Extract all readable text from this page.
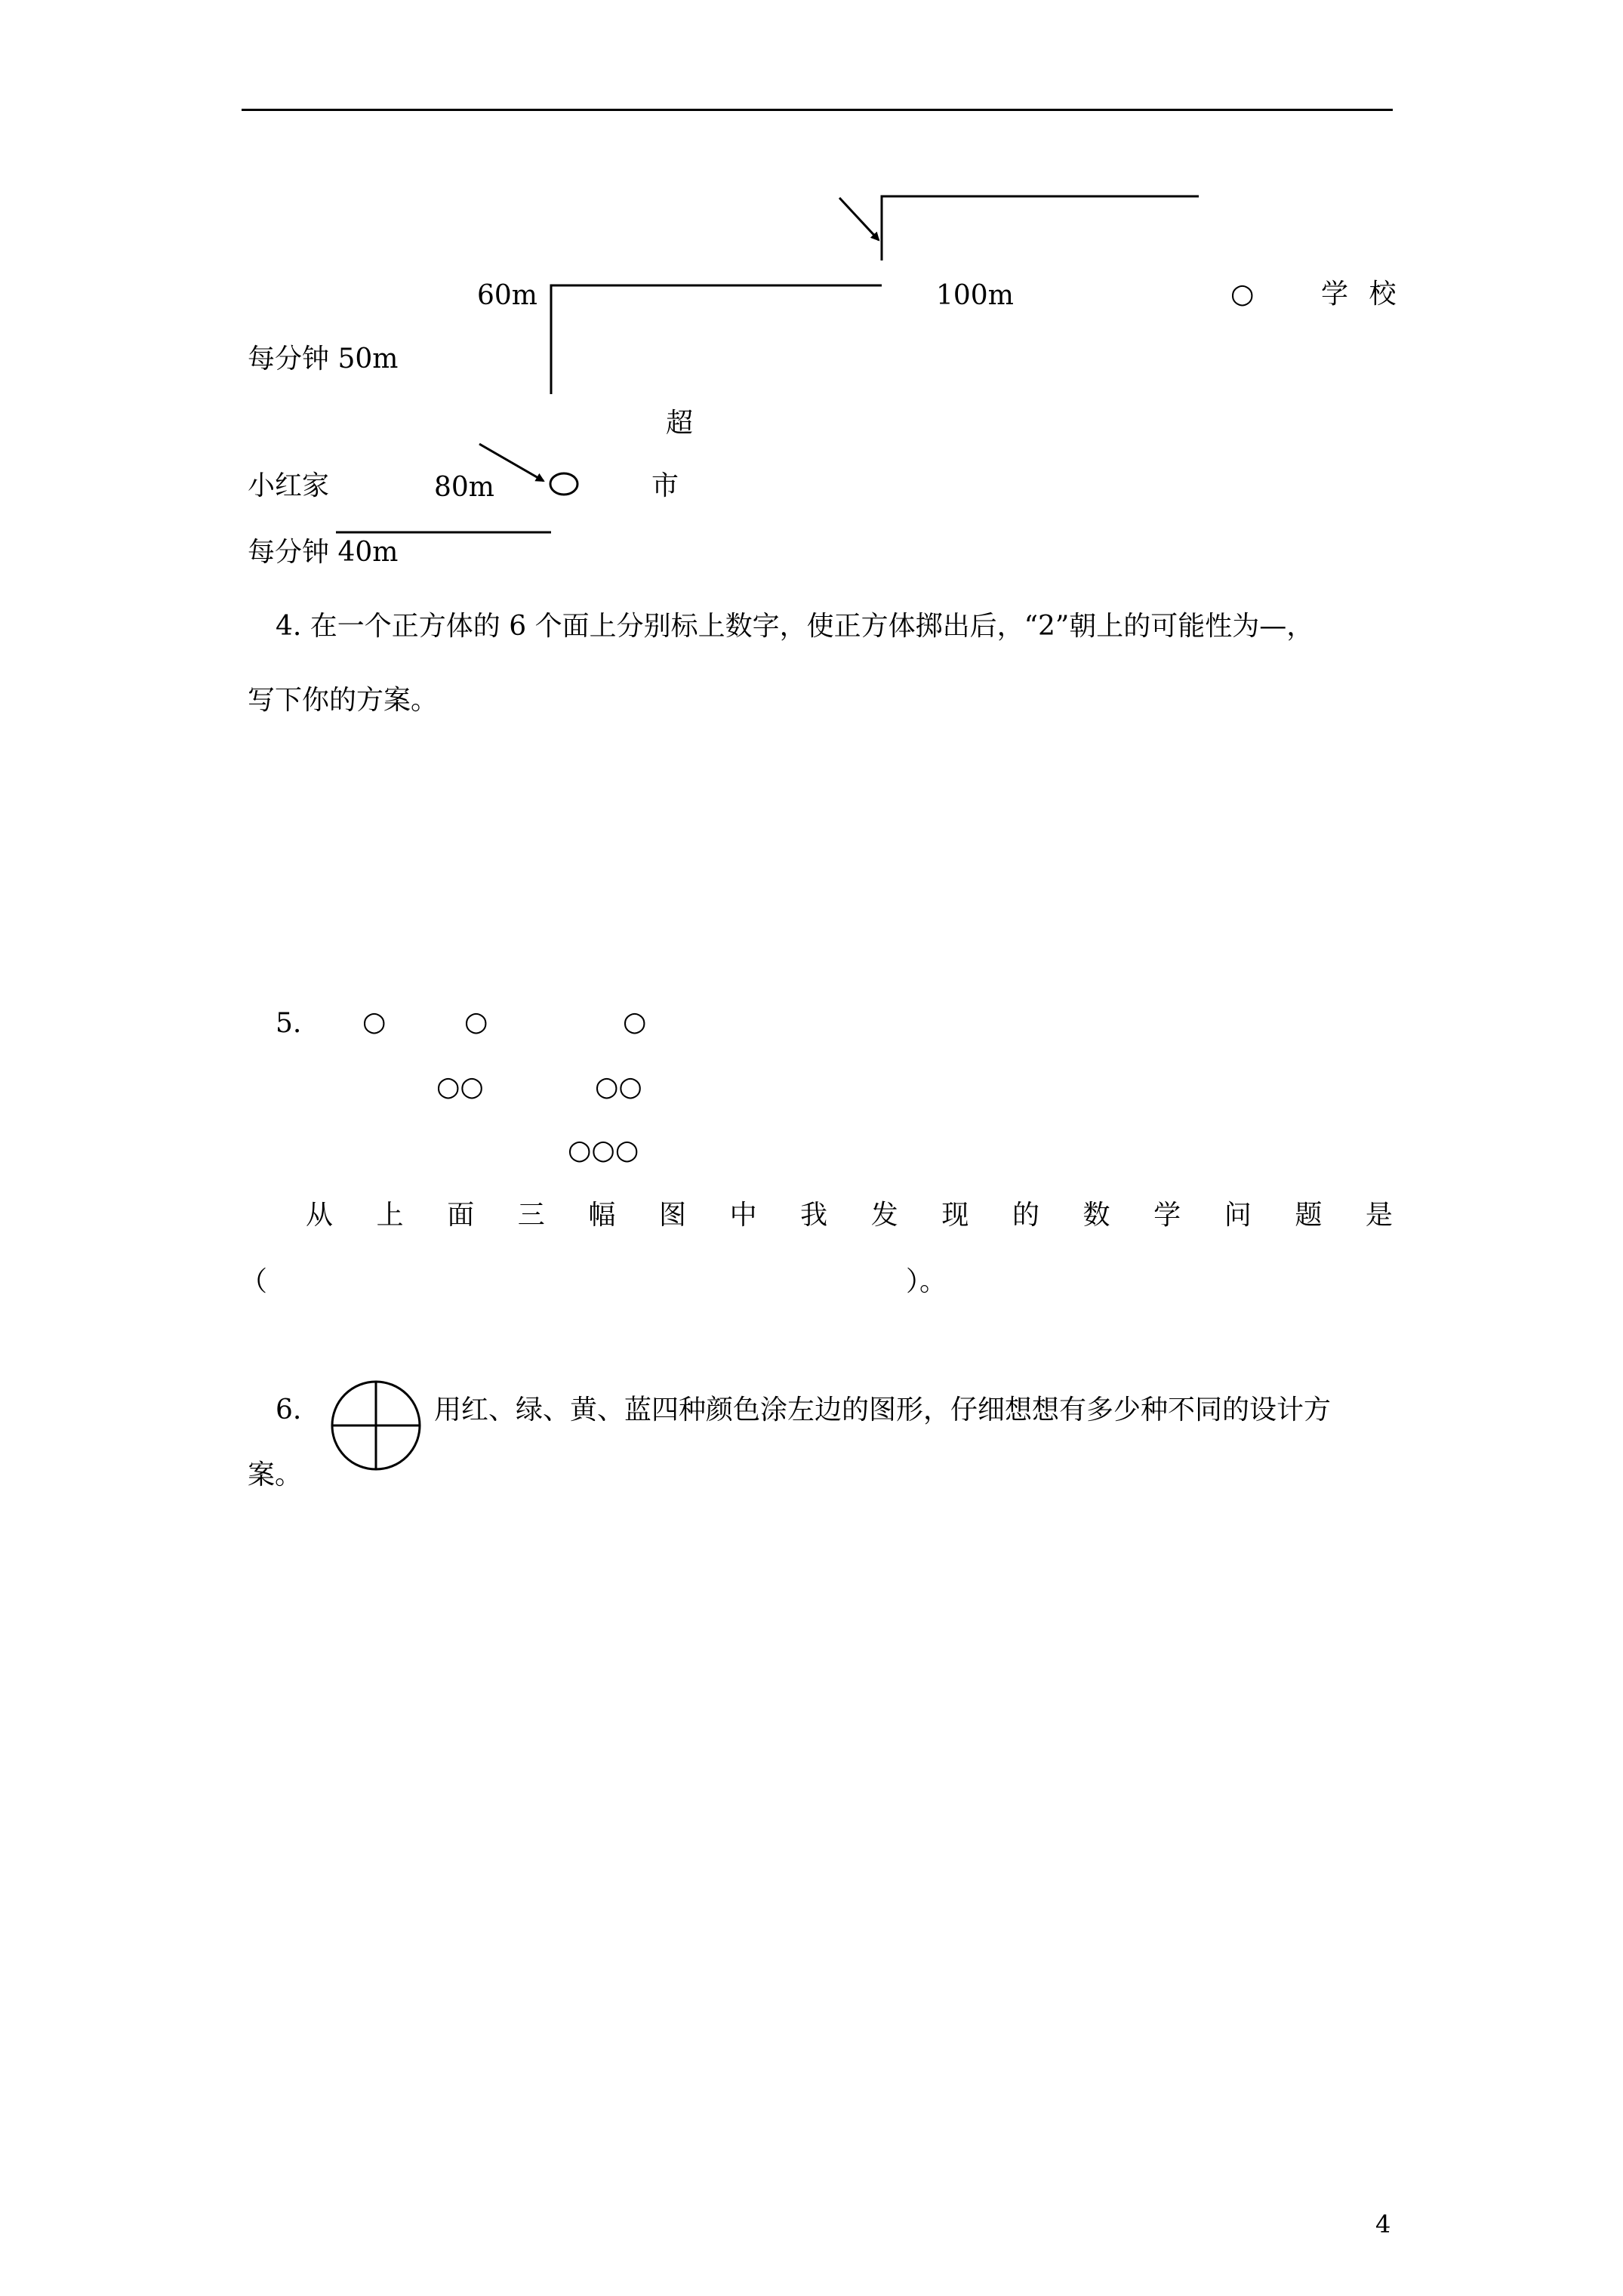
60m	100m	○ 学 校
每分钟 50m
超
小红家	80m	市
每分钟 40m
4. 在一个正方体的 6 个面上分别标上数字，使正方体掷出后，“2”朝上的可能性为—，
写下你的方案。
5. ○	○	○
○○	○○
○○○
从 上 面 三 幅 图 中 我 发 现 的 数 学 问 题 是
（	）。
6.	用红、绿、黄、蓝四种颜色涂左边的图形，仔细想想有多少种不同的设计方
案。
4
